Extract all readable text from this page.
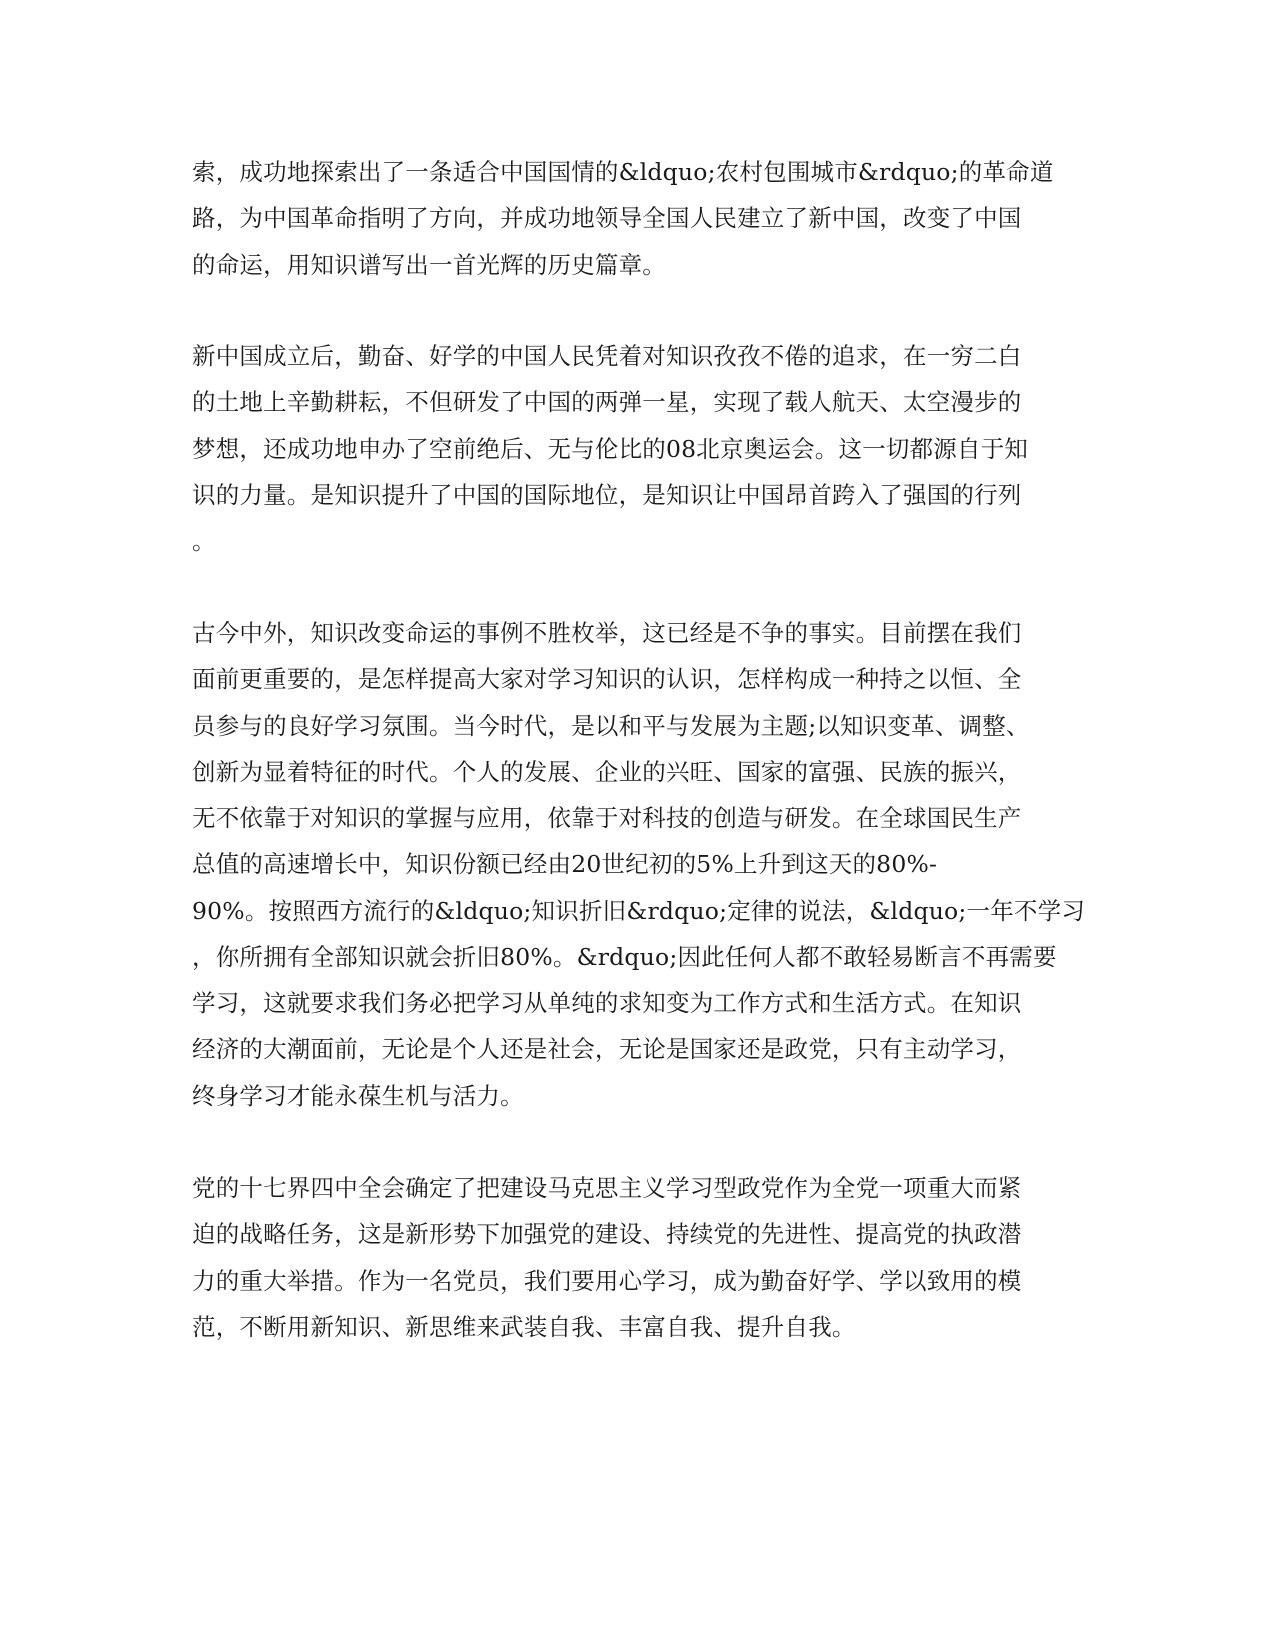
索，成功地探索出了一条适合中国国情的&ldquo;农村包围城市&rdquo;的革命道
路，为中国革命指明了方向，并成功地领导全国人民建立了新中国，改变了中国
的命运，用知识谱写出一首光辉的历史篇章。
新中国成立后，勤奋、好学的中国人民凭着对知识孜孜不倦的追求，在一穷二白
的土地上辛勤耕耘，不但研发了中国的两弹一星，实现了载人航天、太空漫步的
梦想，还成功地申办了空前绝后、无与伦比的08北京奥运会。这一切都源自于知
识的力量。是知识提升了中国的国际地位，是知识让中国昂首跨入了强国的行列
。
古今中外，知识改变命运的事例不胜枚举，这已经是不争的事实。目前摆在我们
面前更重要的，是怎样提高大家对学习知识的认识，怎样构成一种持之以恒、全
员参与的良好学习氛围。当今时代，是以和平与发展为主题;以知识变革、调整、
创新为显着特征的时代。个人的发展、企业的兴旺、国家的富强、民族的振兴，
无不依靠于对知识的掌握与应用，依靠于对科技的创造与研发。在全球国民生产
总值的高速增长中，知识份额已经由20世纪初的5%上升到这天的80%-
90%。按照西方流行的&ldquo;知识折旧&rdquo;定律的说法，&ldquo;一年不学习
，你所拥有全部知识就会折旧80%。&rdquo;因此任何人都不敢轻易断言不再需要
学习，这就要求我们务必把学习从单纯的求知变为工作方式和生活方式。在知识
经济的大潮面前，无论是个人还是社会，无论是国家还是政党，只有主动学习，
终身学习才能永葆生机与活力。
党的十七界四中全会确定了把建设马克思主义学习型政党作为全党一项重大而紧
迫的战略任务，这是新形势下加强党的建设、持续党的先进性、提高党的执政潜
力的重大举措。作为一名党员，我们要用心学习，成为勤奋好学、学以致用的模
范，不断用新知识、新思维来武装自我、丰富自我、提升自我。
